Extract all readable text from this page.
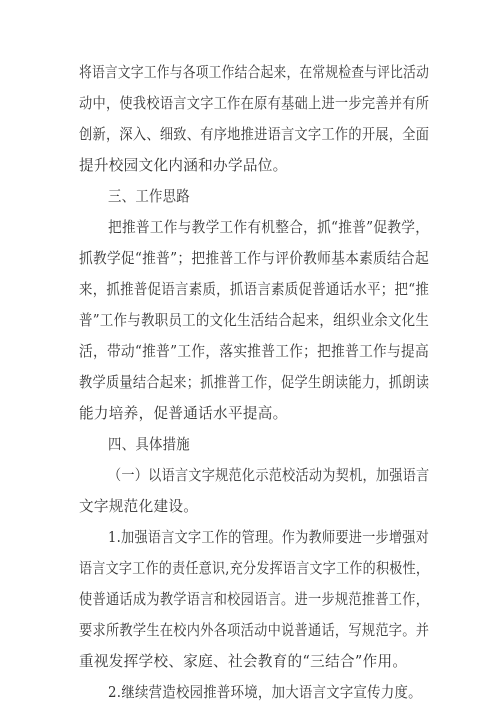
将语言文字工作与各项工作结合起来，在常规检查与评比活动
动中，使我校语言文字工作在原有基础上进一步完善并有所
创新，深入、细致、有序地推进语言文字工作的开展，全面
提升校园文化内涵和办学品位。
三、工作思路
把推普工作与教学工作有机整合，抓“推普”促教学，
抓教学促“推普”；把推普工作与评价教师基本素质结合起
来，抓推普促语言素质，抓语言素质促普通话水平；把“推
普”工作与教职员工的文化生活结合起来，组织业余文化生
活，带动“推普”工作，落实推普工作；把推普工作与提高
教学质量结合起来；抓推普工作，促学生朗读能力，抓朗读
能力培养，促普通话水平提高。
四、具体措施
（一）以语言文字规范化示范校活动为契机，加强语言
文字规范化建设。
1.加强语言文字工作的管理。作为教师要进一步增强对
语言文字工作的责任意识,充分发挥语言文字工作的积极性，
使普通话成为教学语言和校园语言。进一步规范推普工作，
要求所教学生在校内外各项活动中说普通话，写规范字。并
重视发挥学校、家庭、社会教育的“三结合”作用。
2.继续营造校园推普环境，加大语言文字宣传力度。
